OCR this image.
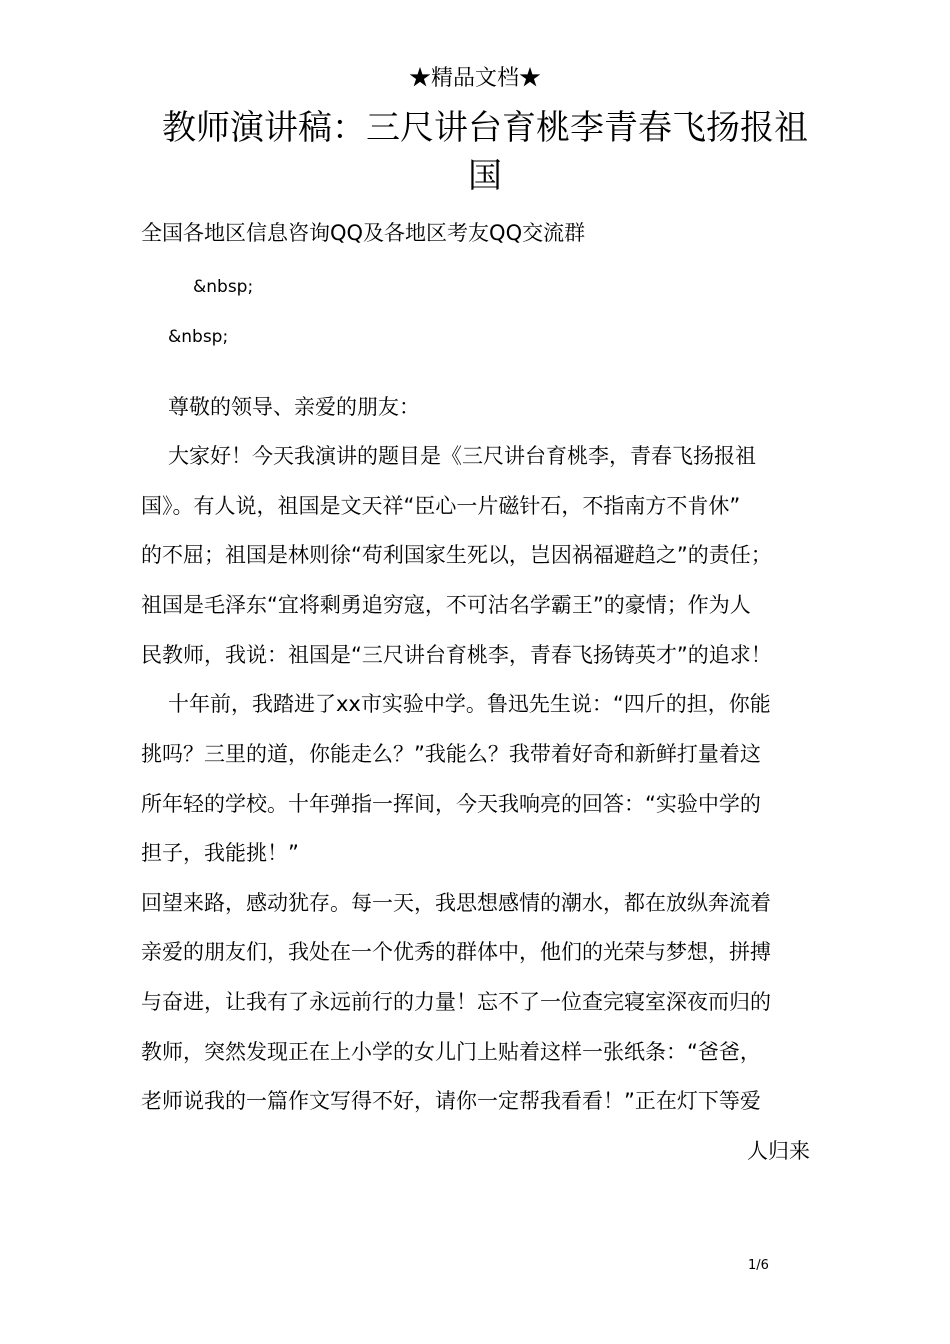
★精品文档★
教师演讲稿：三尺讲台育桃李青春飞扬报祖
国
全国各地区信息咨询QQ及各地区考友QQ交流群
&nbsp;
&nbsp;
尊敬的领导、亲爱的朋友：
大家好！今天我演讲的题目是《三尺讲台育桃李，青春飞扬报祖
国》。有人说，祖国是文天祥“臣心一片磁针石，不指南方不肯休”
的不屈；祖国是林则徐“苟利国家生死以，岂因祸福避趋之”的责任；
祖国是毛泽东“宜将剩勇追穷寇，不可沽名学霸王”的豪情；作为人
民教师，我说：祖国是“三尺讲台育桃李，青春飞扬铸英才”的追求！
十年前，我踏进了xx市实验中学。鲁迅先生说：“四斤的担，你能
挑吗？三里的道，你能走么？”我能么？我带着好奇和新鲜打量着这
所年轻的学校。十年弹指一挥间，今天我响亮的回答：“实验中学的
担子，我能挑！”
回望来路，感动犹存。每一天，我思想感情的潮水，都在放纵奔流着
亲爱的朋友们，我处在一个优秀的群体中，他们的光荣与梦想，拼搏
与奋进，让我有了永远前行的力量！忘不了一位查完寝室深夜而归的
教师，突然发现正在上小学的女儿门上贴着这样一张纸条：“爸爸，
老师说我的一篇作文写得不好，请你一定帮我看看！”正在灯下等爱
人归来
1/6
